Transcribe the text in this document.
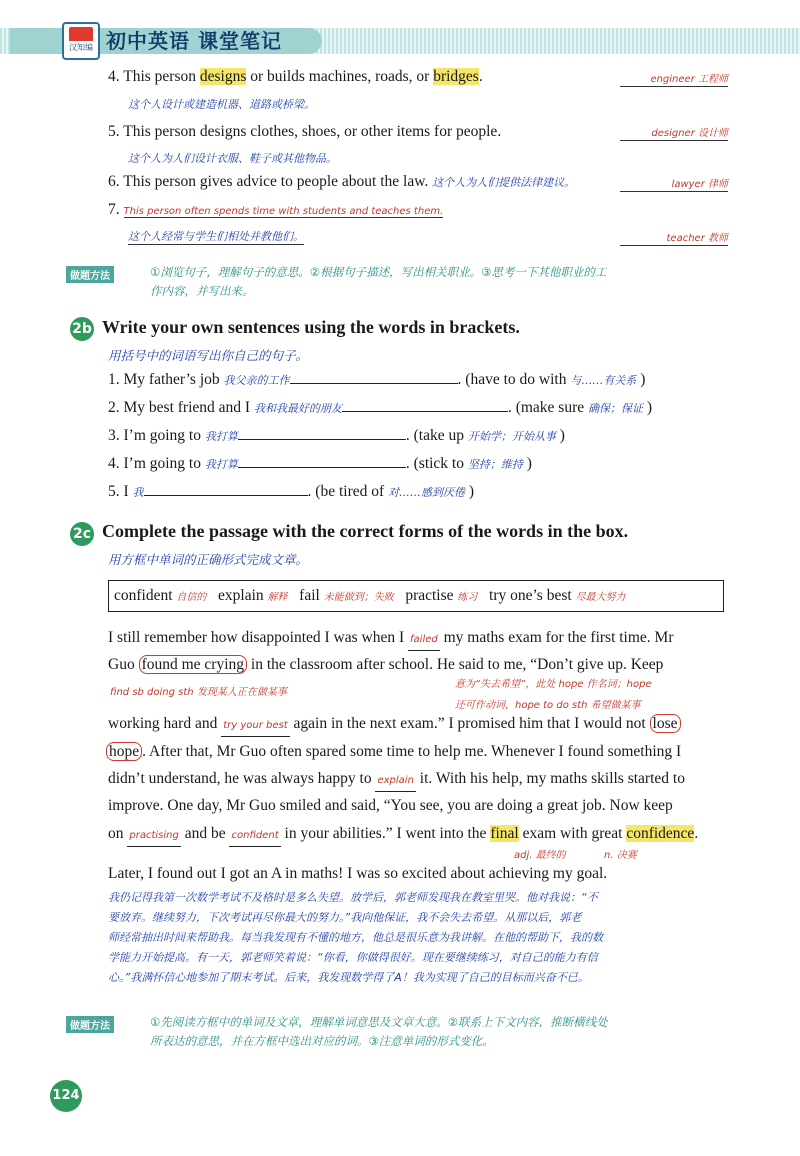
汉知编 初中英语 课堂笔记
4. This person designs or builds machines, roads, or bridges.
这个人设计或建造机器、道路或桥梁。
engineer 工程师
5. This person designs clothes, shoes, or other items for people.
这个人为人们设计衣服、鞋子或其他物品。
designer 设计师
6. This person gives advice to people about the law. 这个人为人们提供法律建议。	lawyer 律师
7. This person often spends time with students and teaches them.
这个人经常与学生们相处并教他们。	teacher 教师
做题方法	①浏览句子，理解句子的意思。②根据句子描述，写出相关职业。③思考一下其他职业的工
作内容，并写出来。
2b Write your own sentences using the words in brackets.
用括号中的词语写出你自己的句子。
1. My father’s job 我父亲的工作	. (have to do with 与……有关系 )
2. My best friend and I 我和我最好的朋友	. (make sure 确保；保证 )
3. I’m going to 我打算	. (take up 开始学；开始从事 )
4. I’m going to 我打算	. (stick to 坚持；维持 )
5. I 我	. (be tired of 对……感到厌倦 )
2c Complete the passage with the correct forms of the words in the box.
用方框中单词的正确形式完成文章。
confident 自信的 explain 解释 fail 未能做到；失败 practise 练习 try one’s best 尽最大努力
I still remember how disappointed I was when I failed my maths exam for the first time. Mr
Guo found me crying in the classroom after school. He said to me, “Don’t give up. Keep
find sb doing sth 发现某人正在做某事
意为“失去希望”，此处 hope 作名词；hope
还可作动词，hope to do sth 希望做某事
working hard and try your best again in the next exam.” I promised him that I would not lose
hope . After that, Mr Guo often spared some time to help me. Whenever I found something I
didn’t understand, he was always happy to explain it. With his help, my maths skills started to
improve. One day, Mr Guo smiled and said, “You see, you are doing a great job. Now keep
on practising and be confident in your abilities.” I went into the final exam with great confidence.
adj. 最终的	n. 决赛
Later, I found out I got an A in maths! I was so excited about achieving my goal.
我仍记得我第一次数学考试不及格时是多么失望。放学后，郭老师发现我在教室里哭。他对我说：“不
要放弃。继续努力，下次考试再尽你最大的努力。”我向他保证，我不会失去希望。从那以后，郭老
师经常抽出时间来帮助我。每当我发现有不懂的地方，他总是很乐意为我讲解。在他的帮助下，我的数
学能力开始提高。有一天，郭老师笑着说：“你看，你做得很好。现在要继续练习，对自己的能力有信
心。”我满怀信心地参加了期末考试。后来，我发现数学得了A！我为实现了自己的目标而兴奋不已。
做题方法	①先阅读方框中的单词及文章，理解单词意思及文章大意。②联系上下文内容，推断横线处
所表达的意思，并在方框中选出对应的词。③注意单词的形式变化。
124
